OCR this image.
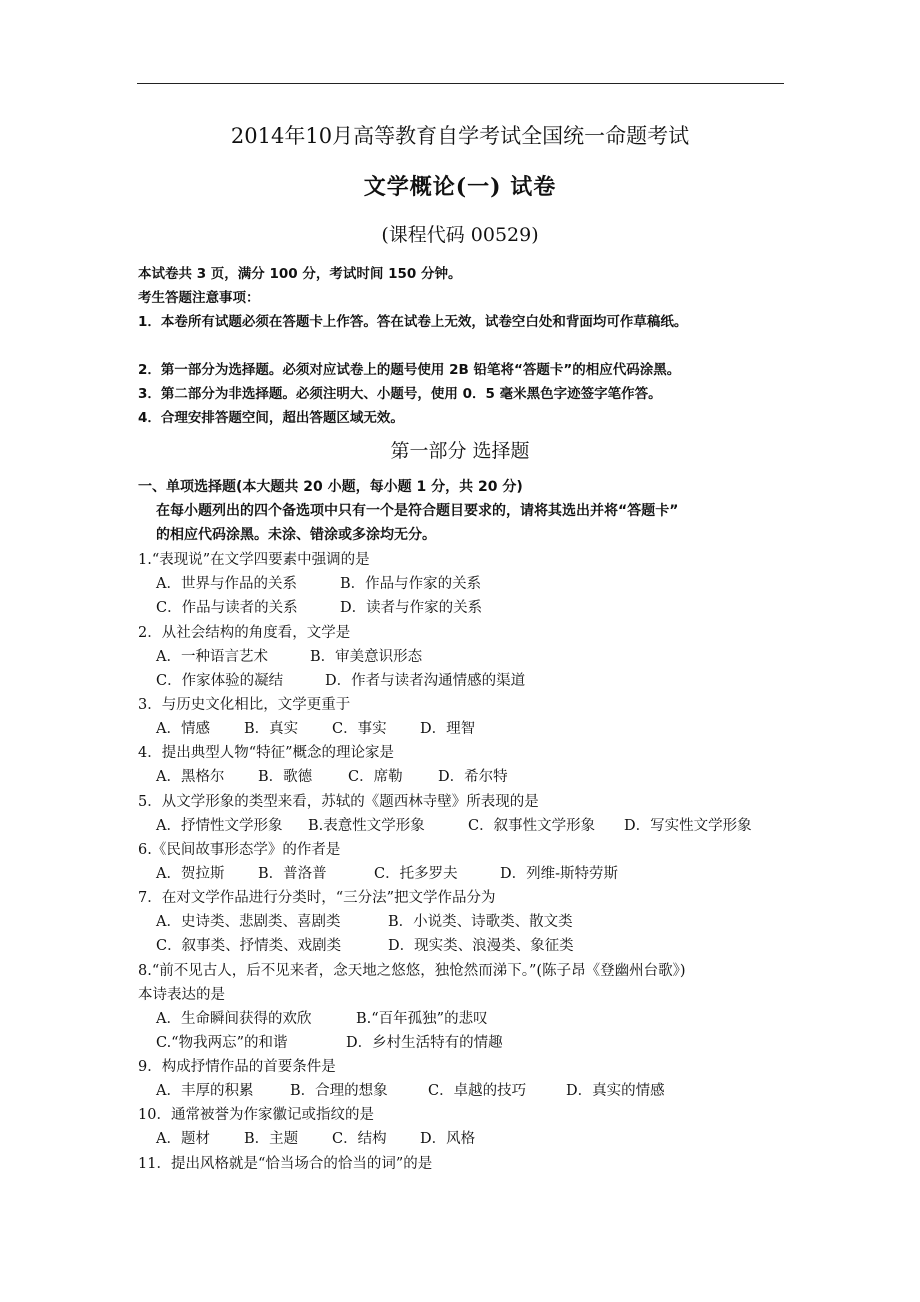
2014年10月高等教育自学考试全国统一命题考试
文学概论(一) 试卷
(课程代码 00529)
本试卷共 3 页，满分 100 分，考试时间 150 分钟。
考生答题注意事项：
1．本卷所有试题必须在答题卡上作答。答在试卷上无效，试卷空白处和背面均可作草稿纸。
2．第一部分为选择题。必须对应试卷上的题号使用 2B 铅笔将“答题卡”的相应代码涂黑。
3．第二部分为非选择题。必须注明大、小题号，使用 0．5 毫米黑色字迹签字笔作答。
4．合理安排答题空间，超出答题区域无效。
第一部分 选择题
一、单项选择题(本大题共 20 小题，每小题 1 分，共 20 分)
在每小题列出的四个备选项中只有一个是符合题目要求的，请将其选出并将“答题卡”
的相应代码涂黑。未涂、错涂或多涂均无分。
1.“表现说”在文学四要素中强调的是
A．世界与作品的关系	B．作品与作家的关系
C．作品与读者的关系	D．读者与作家的关系
2．从社会结构的角度看，文学是
A．一种语言艺术	B．审美意识形态
C．作家体验的凝结	D．作者与读者沟通情感的渠道
3．与历史文化相比，文学更重于
A．情感 B．真实 C．事实 D．理智
4．提出典型人物“特征”概念的理论家是
A．黑格尔 B．歌德 C．席勒 D．希尔特
5．从文学形象的类型来看，苏轼的《题西林寺壁》所表现的是
A．抒情性文学形象 B.表意性文学形象	C．叙事性文学形象 D．写实性文学形象
6.《民间故事形态学》的作者是
A．贺拉斯 B．普洛普	C．托多罗夫	D．列维-斯特劳斯
7．在对文学作品进行分类时，“三分法”把文学作品分为
A．史诗类、悲剧类、喜剧类	B．小说类、诗歌类、散文类
C．叙事类、抒情类、戏剧类	D．现实类、浪漫类、象征类
8.“前不见古人，后不见来者，念天地之悠悠，独怆然而涕下。”(陈子昂《登幽州台歌》)
本诗表达的是
A．生命瞬间获得的欢欣	B.“百年孤独”的悲叹
C.“物我两忘”的和谐	D．乡村生活特有的情趣
9．构成抒情作品的首要条件是
A．丰厚的积累	B．合理的想象	C．卓越的技巧	D．真实的情感
10．通常被誉为作家徽记或指纹的是
A．题材 B．主题 C．结构 D．风格
11．提出风格就是“恰当场合的恰当的词”的是
